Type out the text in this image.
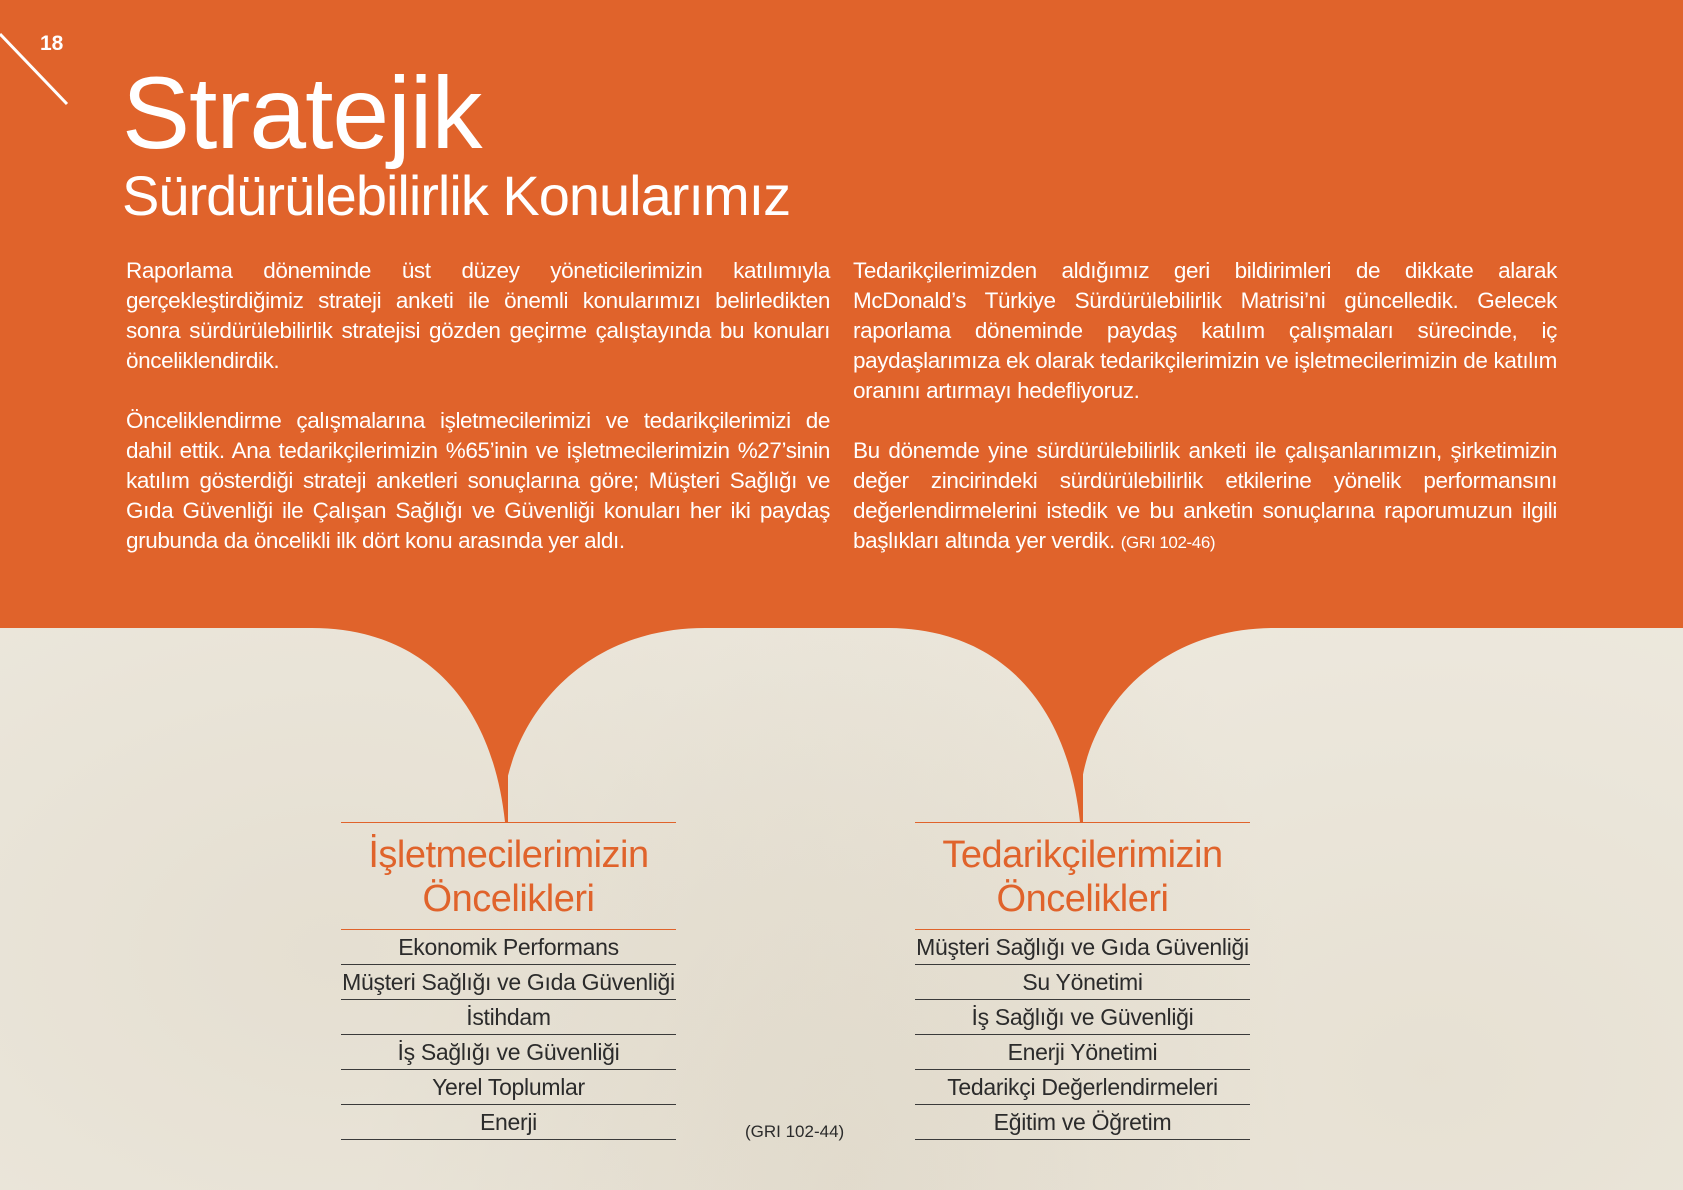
18
Stratejik
Sürdürülebilirlik Konularımız

Raporlama döneminde üst düzey yöneticilerimizin katılımıyla gerçekleştirdiğimiz strateji anketi ile önemli konularımızı belirledikten sonra sürdürülebilirlik stratejisi gözden geçirme çalıştayında bu konuları önceliklendirdik.

Önceliklendirme çalışmalarına işletmecilerimizi ve tedarikçilerimizi de dahil ettik. Ana tedarikçilerimizin %65’inin ve işletmecilerimizin %27’sinin katılım gösterdiği strateji anketleri sonuçlarına göre; Müşteri Sağlığı ve Gıda Güvenliği ile Çalışan Sağlığı ve Güvenliği konuları her iki paydaş grubunda da öncelikli ilk dört konu arasında yer aldı.

Tedarikçilerimizden aldığımız geri bildirimleri de dikkate alarak McDonald’s Türkiye Sürdürülebilirlik Matrisi’ni güncelledik. Gelecek raporlama döneminde paydaş katılım çalışmaları sürecinde, iç paydaşlarımıza ek olarak tedarikçilerimizin ve işletmecilerimizin de katılım oranını artırmayı hedefliyoruz.

Bu dönemde yine sürdürülebilirlik anketi ile çalışanlarımızın, şirketimizin değer zincirindeki sürdürülebilirlik etkilerine yönelik performansını değerlendirmelerini istedik ve bu anketin sonuçlarına raporumuzun ilgili başlıkları altında yer verdik. (GRI 102-46)

İşletmecilerimizin
Öncelikleri
Ekonomik Performans
Müşteri Sağlığı ve Gıda Güvenliği
İstihdam
İş Sağlığı ve Güvenliği
Yerel Toplumlar
Enerji
Tedarikçilerimizin
Öncelikleri
Müşteri Sağlığı ve Gıda Güvenliği
Su Yönetimi
İş Sağlığı ve Güvenliği
Enerji Yönetimi
Tedarikçi Değerlendirmeleri
Eğitim ve Öğretim
(GRI 102-44)
